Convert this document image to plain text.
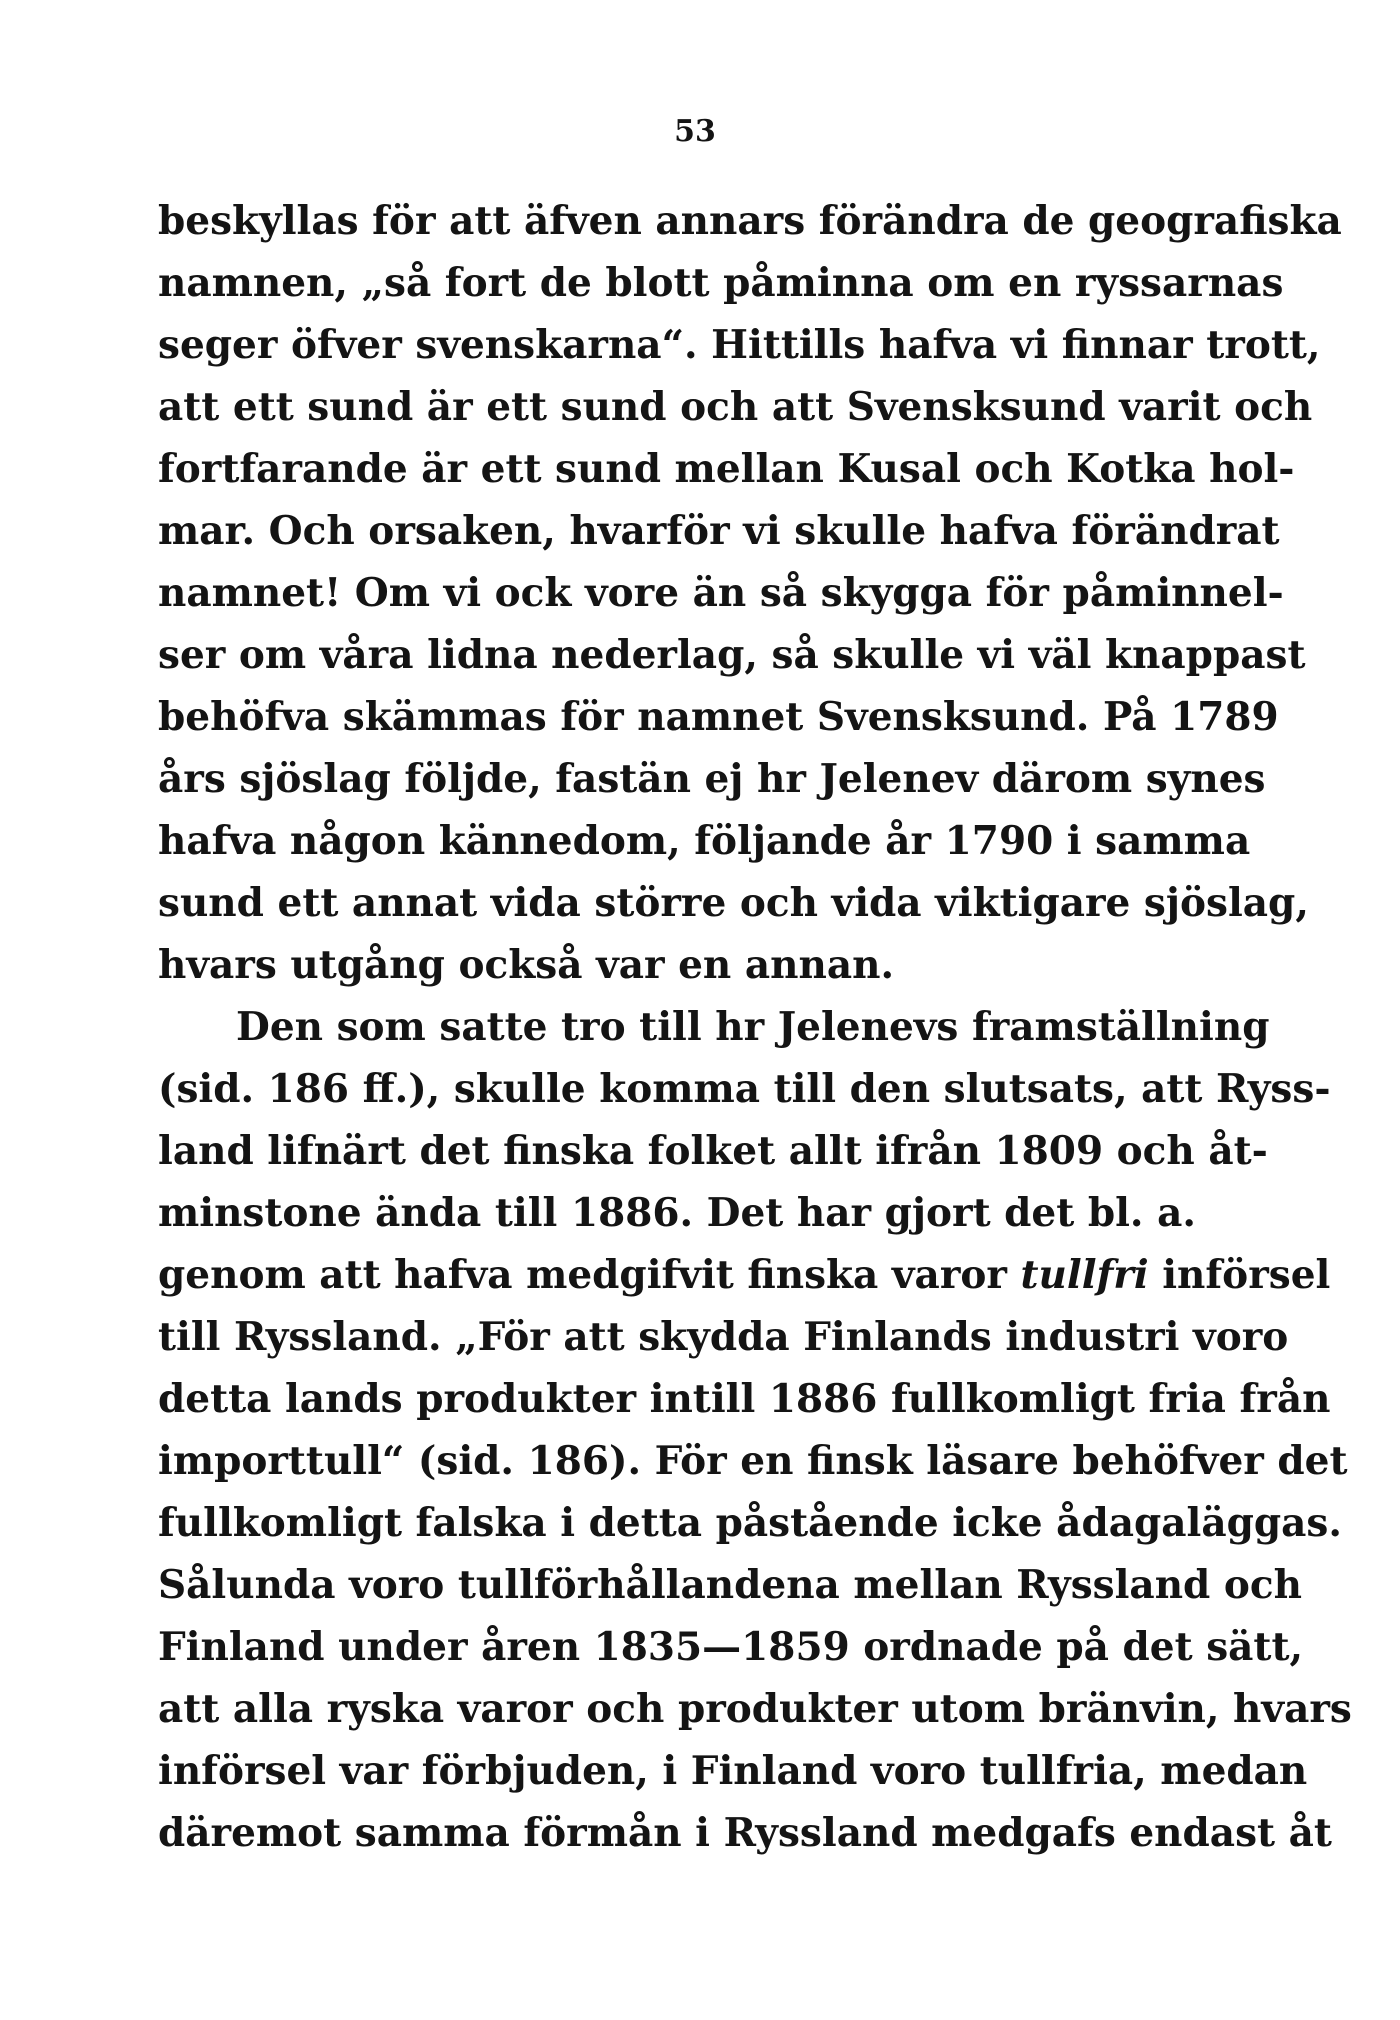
53
beskyllas för att äfven annars förändra de geografiska
namnen, „så fort de blott påminna om en ryssarnas
seger öfver svenskarna“. Hittills hafva vi finnar trott,
att ett sund är ett sund och att Svensksund varit och
fortfarande är ett sund mellan Kusal och Kotka hol-
mar. Och orsaken, hvarför vi skulle hafva förändrat
namnet! Om vi ock vore än så skygga för påminnel-
ser om våra lidna nederlag, så skulle vi väl knappast
behöfva skämmas för namnet Svensksund. På 1789
års sjöslag följde, fastän ej hr Jelenev därom synes
hafva någon kännedom, följande år 1790 i samma
sund ett annat vida större och vida viktigare sjöslag,
hvars utgång också var en annan.
Den som satte tro till hr Jelenevs framställning
(sid. 186 ff.), skulle komma till den slutsats, att Ryss-
land lifnärt det finska folket allt ifrån 1809 och åt-
minstone ända till 1886. Det har gjort det bl. a.
genom att hafva medgifvit finska varor tullfri införsel
till Ryssland. „För att skydda Finlands industri voro
detta lands produkter intill 1886 fullkomligt fria från
importtull“ (sid. 186). För en finsk läsare behöfver det
fullkomligt falska i detta påstående icke ådagaläggas.
Sålunda voro tullförhållandena mellan Ryssland och
Finland under åren 1835—1859 ordnade på det sätt,
att alla ryska varor och produkter utom bränvin, hvars
införsel var förbjuden, i Finland voro tullfria, medan
däremot samma förmån i Ryssland medgafs endast åt
